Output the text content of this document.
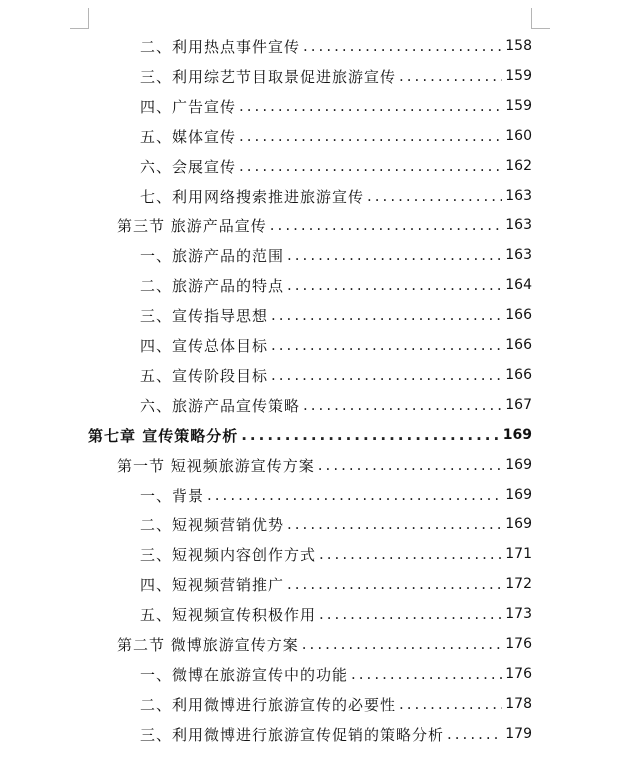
二、利用热点事件宣传 .....	158
三、利用综艺节目取景促进旅游宣传 .....	159
四、广告宣传 .....	159
五、媒体宣传 .....	160
六、会展宣传 .....	162
七、利用网络搜索推进旅游宣传 .....	163
第三节 旅游产品宣传 .....	163
一、旅游产品的范围 .....	163
二、旅游产品的特点 .....	164
三、宣传指导思想 .....	166
四、宣传总体目标 .....	166
五、宣传阶段目标 .....	166
六、旅游产品宣传策略 .....	167
第七章 宣传策略分析 .....	169
第一节 短视频旅游宣传方案 .....	169
一、背景 .....	169
二、短视频营销优势 .....	169
三、短视频内容创作方式 .....	171
四、短视频营销推广 .....	172
五、短视频宣传积极作用 .....	173
第二节 微博旅游宣传方案 .....	176
一、微博在旅游宣传中的功能 .....	176
二、利用微博进行旅游宣传的必要性 .....	178
三、利用微博进行旅游宣传促销的策略分析 .....	179
